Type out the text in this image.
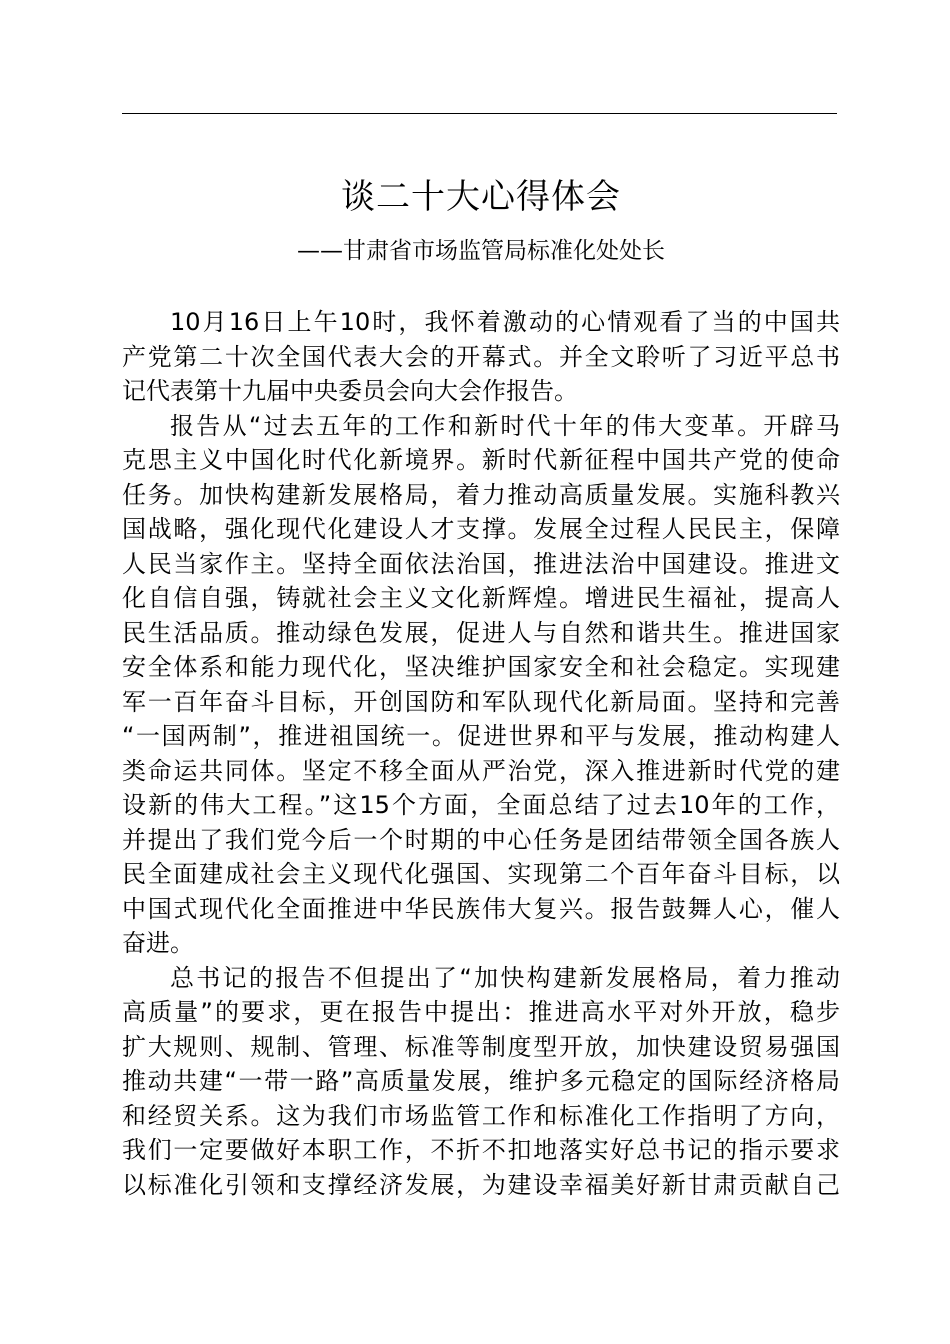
谈二十大心得体会
——甘肃省市场监管局标准化处处长
10月16日上午10时，我怀着激动的心情观看了当的中国共
产党第二十次全国代表大会的开幕式。并全文聆听了习近平总书
记代表第十九届中央委员会向大会作报告。
报告从“过去五年的工作和新时代十年的伟大变革。开辟马
克思主义中国化时代化新境界。新时代新征程中国共产党的使命
任务。加快构建新发展格局，着力推动高质量发展。实施科教兴
国战略，强化现代化建设人才支撑。发展全过程人民民主，保障
人民当家作主。坚持全面依法治国，推进法治中国建设。推进文
化自信自强，铸就社会主义文化新辉煌。增进民生福祉，提高人
民生活品质。推动绿色发展，促进人与自然和谐共生。推进国家
安全体系和能力现代化，坚决维护国家安全和社会稳定。实现建
军一百年奋斗目标，开创国防和军队现代化新局面。坚持和完善
“一国两制”，推进祖国统一。促进世界和平与发展，推动构建人
类命运共同体。坚定不移全面从严治党，深入推进新时代党的建
设新的伟大工程。”这15个方面，全面总结了过去10年的工作，
并提出了我们党今后一个时期的中心任务是团结带领全国各族人
民全面建成社会主义现代化强国、实现第二个百年奋斗目标，以
中国式现代化全面推进中华民族伟大复兴。报告鼓舞人心，催人
奋进。
总书记的报告不但提出了“加快构建新发展格局，着力推动
高质量”的要求，更在报告中提出：推进高水平对外开放，稳步
扩大规则、规制、管理、标准等制度型开放，加快建设贸易强国
推动共建“一带一路”高质量发展，维护多元稳定的国际经济格局
和经贸关系。这为我们市场监管工作和标准化工作指明了方向，
我们一定要做好本职工作，不折不扣地落实好总书记的指示要求
以标准化引领和支撑经济发展，为建设幸福美好新甘肃贡献自己
